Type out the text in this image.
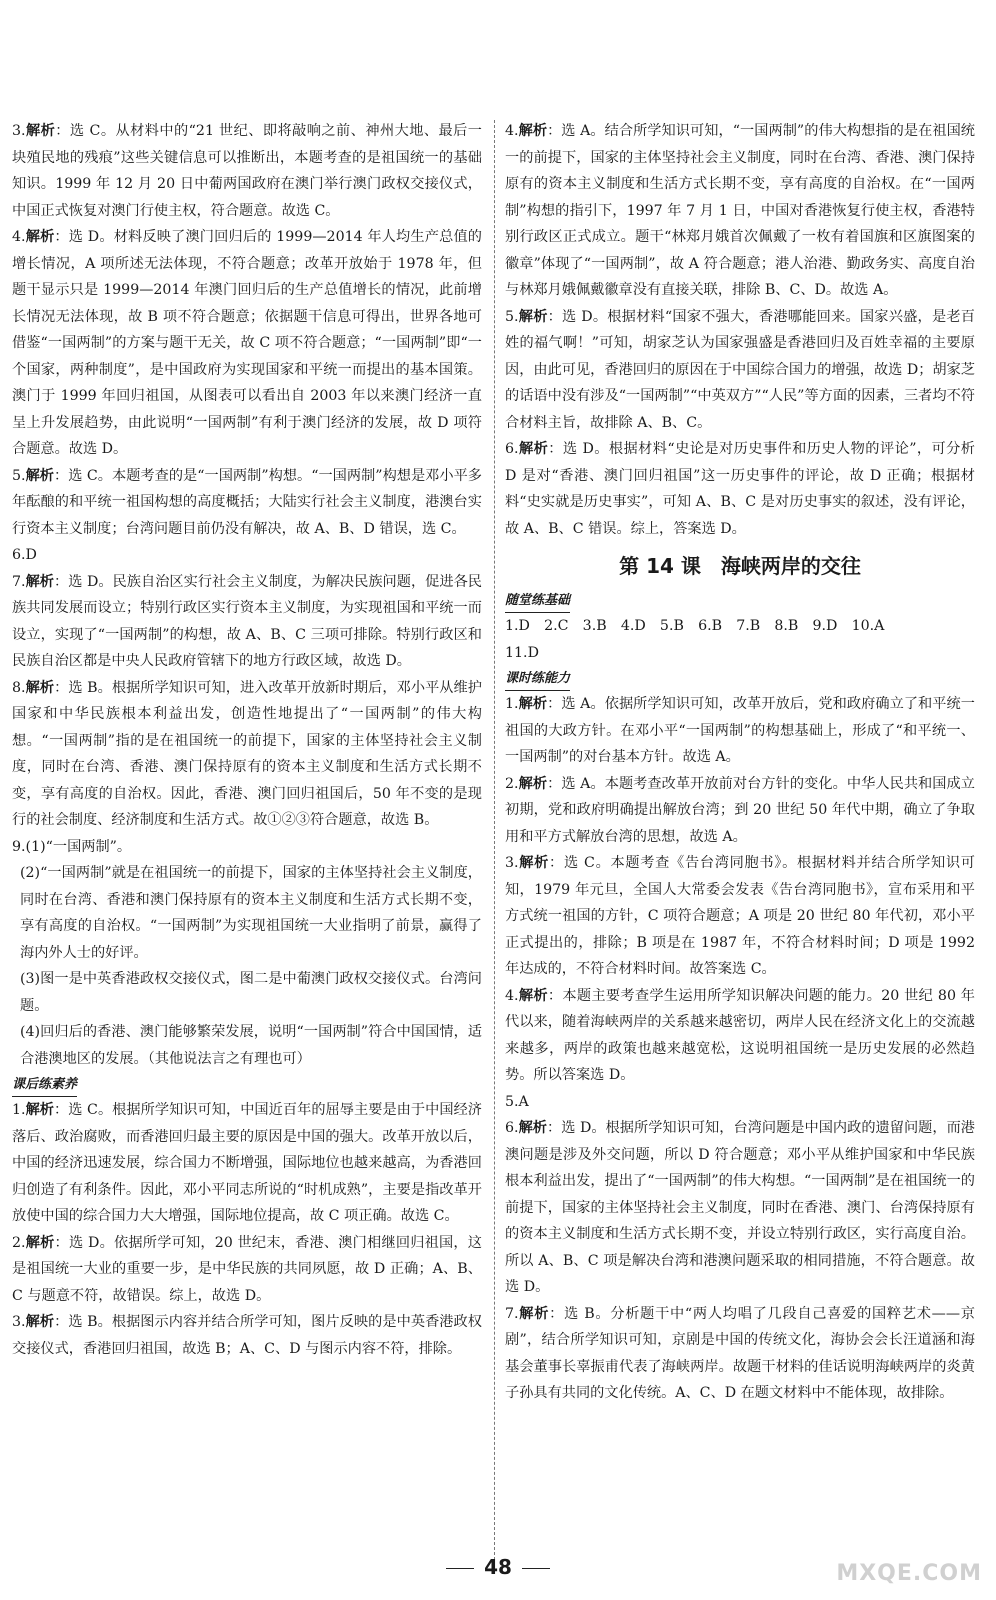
3.解析：选 C。从材料中的“21 世纪、即将敲响之前、神州大地、最后一块殖民地的残痕”这些关键信息可以推断出，本题考查的是祖国统一的基础知识。1999 年 12 月 20 日中葡两国政府在澳门举行澳门政权交接仪式，中国正式恢复对澳门行使主权，符合题意。故选 C。

4.解析：选 D。材料反映了澳门回归后的 1999—2014 年人均生产总值的增长情况，A 项所述无法体现，不符合题意；改革开放始于 1978 年，但题干显示只是 1999—2014 年澳门回归后的生产总值增长的情况，此前增长情况无法体现，故 B 项不符合题意；依据题干信息可得出，世界各地可借鉴“一国两制”的方案与题干无关，故 C 项不符合题意；“一国两制”即“一个国家，两种制度”，是中国政府为实现国家和平统一而提出的基本国策。澳门于 1999 年回归祖国，从图表可以看出自 2003 年以来澳门经济一直呈上升发展趋势，由此说明“一国两制”有利于澳门经济的发展，故 D 项符合题意。故选 D。

5.解析：选 C。本题考查的是“一国两制”构想。“一国两制”构想是邓小平多年酝酿的和平统一祖国构想的高度概括；大陆实行社会主义制度，港澳台实行资本主义制度；台湾问题目前仍没有解决，故 A、B、D 错误，选 C。

6.D

7.解析：选 D。民族自治区实行社会主义制度，为解决民族问题，促进各民族共同发展而设立；特别行政区实行资本主义制度，为实现祖国和平统一而设立，实现了“一国两制”的构想，故 A、B、C 三项可排除。特别行政区和民族自治区都是中央人民政府管辖下的地方行政区域，故选 D。

8.解析：选 B。根据所学知识可知，进入改革开放新时期后，邓小平从维护国家和中华民族根本利益出发，创造性地提出了“一国两制”的伟大构想。“一国两制”指的是在祖国统一的前提下，国家的主体坚持社会主义制度，同时在台湾、香港、澳门保持原有的资本主义制度和生活方式长期不变，享有高度的自治权。因此，香港、澳门回归祖国后，50 年不变的是现行的社会制度、经济制度和生活方式。故①②③符合题意，故选 B。

9.(1)“一国两制”。

(2)“一国两制”就是在祖国统一的前提下，国家的主体坚持社会主义制度，同时在台湾、香港和澳门保持原有的资本主义制度和生活方式长期不变，享有高度的自治权。“一国两制”为实现祖国统一大业指明了前景，赢得了海内外人士的好评。

(3)图一是中英香港政权交接仪式，图二是中葡澳门政权交接仪式。台湾问题。

(4)回归后的香港、澳门能够繁荣发展，说明“一国两制”符合中国国情，适合港澳地区的发展。（其他说法言之有理也可）

课后练素养

1.解析：选 C。根据所学知识可知，中国近百年的屈辱主要是由于中国经济落后、政治腐败，而香港回归最主要的原因是中国的强大。改革开放以后，中国的经济迅速发展，综合国力不断增强，国际地位也越来越高，为香港回归创造了有利条件。因此，邓小平同志所说的“时机成熟”，主要是指改革开放使中国的综合国力大大增强，国际地位提高，故 C 项正确。故选 C。

2.解析：选 D。依据所学可知，20 世纪末，香港、澳门相继回归祖国，这是祖国统一大业的重要一步，是中华民族的共同夙愿，故 D 正确；A、B、C 与题意不符，故错误。综上，故选 D。

3.解析：选 B。根据图示内容并结合所学可知，图片反映的是中英香港政权交接仪式，香港回归祖国，故选 B；A、C、D 与图示内容不符，排除。

4.解析：选 A。结合所学知识可知，“一国两制”的伟大构想指的是在祖国统一的前提下，国家的主体坚持社会主义制度，同时在台湾、香港、澳门保持原有的资本主义制度和生活方式长期不变，享有高度的自治权。在“一国两制”构想的指引下，1997 年 7 月 1 日，中国对香港恢复行使主权，香港特别行政区正式成立。题干“林郑月娥首次佩戴了一枚有着国旗和区旗图案的徽章”体现了“一国两制”，故 A 符合题意；港人治港、勤政务实、高度自治与林郑月娥佩戴徽章没有直接关联，排除 B、C、D。故选 A。

5.解析：选 D。根据材料“国家不强大，香港哪能回来。国家兴盛，是老百姓的福气啊！”可知，胡家芝认为国家强盛是香港回归及百姓幸福的主要原因，由此可见，香港回归的原因在于中国综合国力的增强，故选 D；胡家芝的话语中没有涉及“一国两制”“中英双方”“人民”等方面的因素，三者均不符合材料主旨，故排除 A、B、C。

6.解析：选 D。根据材料“史论是对历史事件和历史人物的评论”，可分析 D 是对“香港、澳门回归祖国”这一历史事件的评论，故 D 正确；根据材料“史实就是历史事实”，可知 A、B、C 是对历史事实的叙述，没有评论，故 A、B、C 错误。综上，答案选 D。

第 14 课　海峡两岸的交往
随堂练基础

1.D　2.C　3.B　4.D　5.B　6.B　7.B　8.B　9.D　10.A

11.D

课时练能力

1.解析：选 A。依据所学知识可知，改革开放后，党和政府确立了和平统一祖国的大政方针。在邓小平“一国两制”的构想基础上，形成了“和平统一、一国两制”的对台基本方针。故选 A。

2.解析：选 A。本题考查改革开放前对台方针的变化。中华人民共和国成立初期，党和政府明确提出解放台湾；到 20 世纪 50 年代中期，确立了争取用和平方式解放台湾的思想，故选 A。

3.解析：选 C。本题考查《告台湾同胞书》。根据材料并结合所学知识可知，1979 年元旦，全国人大常委会发表《告台湾同胞书》，宣布采用和平方式统一祖国的方针，C 项符合题意；A 项是 20 世纪 80 年代初，邓小平正式提出的，排除；B 项是在 1987 年，不符合材料时间；D 项是 1992 年达成的，不符合材料时间。故答案选 C。

4.解析：本题主要考查学生运用所学知识解决问题的能力。20 世纪 80 年代以来，随着海峡两岸的关系越来越密切，两岸人民在经济文化上的交流越来越多，两岸的政策也越来越宽松，这说明祖国统一是历史发展的必然趋势。所以答案选 D。

5.A

6.解析：选 D。根据所学知识可知，台湾问题是中国内政的遗留问题，而港澳问题是涉及外交问题，所以 D 符合题意；邓小平从维护国家和中华民族根本利益出发，提出了“一国两制”的伟大构想。“一国两制”是在祖国统一的前提下，国家的主体坚持社会主义制度，同时在香港、澳门、台湾保持原有的资本主义制度和生活方式长期不变，并设立特别行政区，实行高度自治。所以 A、B、C 项是解决台湾和港澳问题采取的相同措施，不符合题意。故选 D。

7.解析：选 B。分析题干中“两人均唱了几段自己喜爱的国粹艺术——京剧”，结合所学知识可知，京剧是中国的传统文化，海协会会长汪道涵和海基会董事长辜振甫代表了海峡两岸。故题干材料的佳话说明海峡两岸的炎黄子孙具有共同的文化传统。A、C、D 在题文材料中不能体现，故排除。

48	MXQE.COM
